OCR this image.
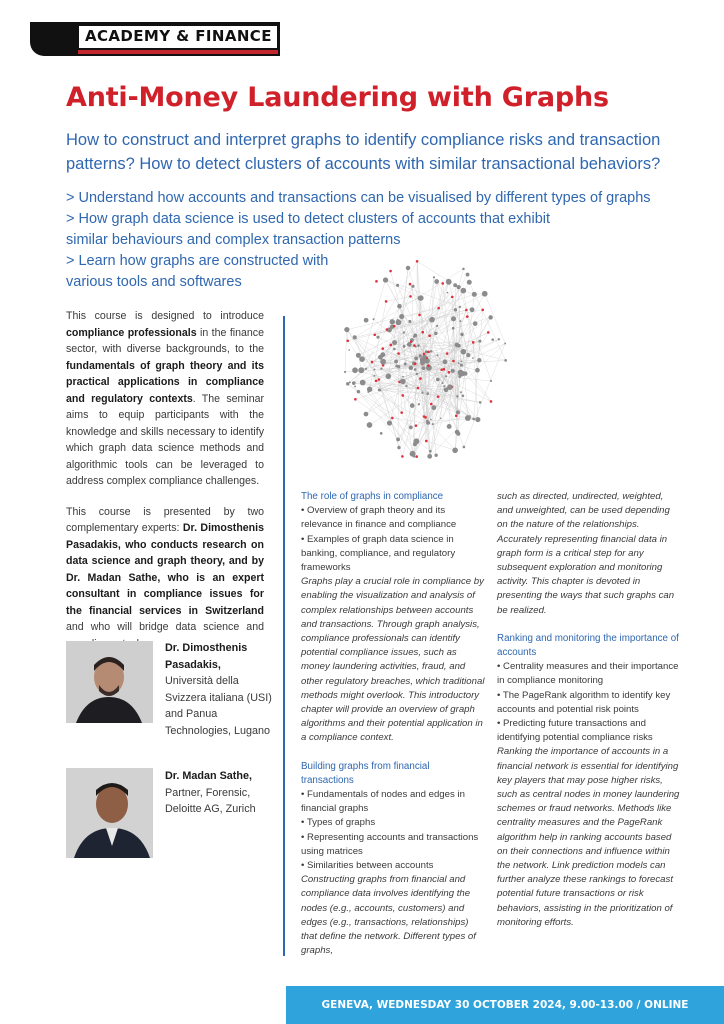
ACADEMY & FINANCE
Anti-Money Laundering with Graphs
How to construct and interpret graphs to identify compliance risks and transaction patterns? How to detect clusters of accounts with similar transactional behaviors?
> Understand how accounts and transactions can be visualised by different types of graphs
> How graph data science is used to detect clusters of accounts that exhibit
similar behaviours and complex transaction patterns
> Learn how graphs are constructed with
various tools and softwares

This course is designed to introduce compliance professionals in the finance sector, with diverse backgrounds, to the fundamentals of graph theory and its practical applications in compliance and regulatory contexts. The seminar aims to equip participants with the knowledge and skills necessary to identify which graph data science methods and algorithmic tools can be leveraged to address complex compliance challenges.

This course is presented by two complementary experts: Dr. Dimosthenis Pasadakis, who conducts research on data science and graph theory, and by Dr. Madan Sathe, who is an expert consultant in compliance issues for the financial services in Switzerland and who will bridge data science and

Dr. Dimosthenis Pasadakis,
Università della Svizzera italiana (USI) and Panua Technologies, Lugano
Dr. Madan Sathe,
Partner, Forensic, Deloitte AG, Zurich
The role of graphs in compliance
• Overview of graph theory and its relevance in finance and compliance
• Examples of graph data science in banking, compliance, and regulatory frameworks
Graphs play a crucial role in compliance by enabling the visualization and analysis of complex relationships between accounts and transactions. Through graph analysis, compliance professionals can identify potential compliance issues, such as money laundering activities, fraud, and other regulatory breaches, which traditional methods might overlook. This introductory chapter will provide an overview of graph algorithms and their potential application in a compliance context.
Building graphs from financial transactions
• Fundamentals of nodes and edges in financial graphs
• Types of graphs
• Representing accounts and transactions using matrices
• Similarities between accounts
Constructing graphs from financial and compliance data involves identifying the nodes (e.g., accounts, customers) and edges (e.g., transactions, relationships) that define the network. Different types of graphs,
such as directed, undirected, weighted, and unweighted, can be used depending on the nature of the relationships. Accurately representing financial data in graph form is a critical step for any subsequent exploration and monitoring activity. This chapter is devoted in presenting the ways that such graphs can be realized.
Ranking and monitoring the importance of accounts
• Centrality measures and their importance in compliance monitoring
• The PageRank algorithm to identify key accounts and potential risk points
• Predicting future transactions and identifying potential compliance risks
Ranking the importance of accounts in a financial network is essential for identifying key players that may pose higher risks, such as central nodes in money laundering schemes or fraud networks. Methods like centrality measures and the PageRank algorithm help in ranking accounts based on their connections and influence within the network. Link prediction models can further analyze these rankings to forecast potential future transactions or risk behaviors, assisting in the prioritization of monitoring efforts.
GENEVA, WEDNESDAY 30 OCTOBER 2024, 9.00-13.00 / ONLINE
